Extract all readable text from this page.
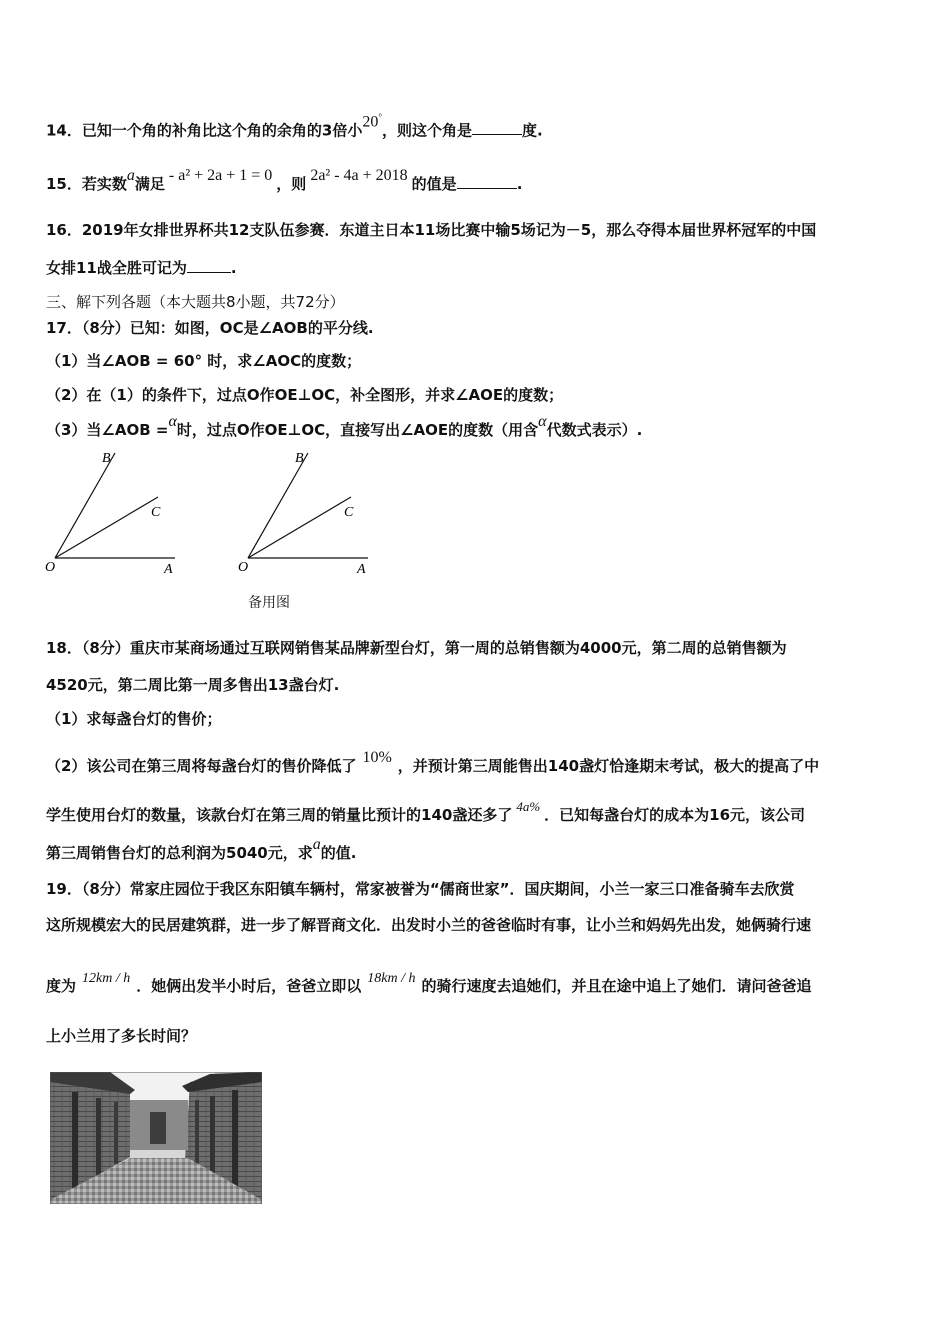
14．已知一个角的补角比这个角的余角的3倍小20°，则这个角是	度.
15．若实数a满足 - a² + 2a + 1 = 0 ，则 2a² - 4a + 2018 的值是	.
16．2019年女排世界杯共12支队伍参赛．东道主日本11场比赛中输5场记为－5，那么夺得本届世界杯冠军的中国
女排11战全胜可记为	.
三、解下列各题（本大题共8小题，共72分）
17．（8分）已知：如图，OC是∠AOB的平分线.
（1）当∠AOB = 60° 时，求∠AOC的度数；
（2）在（1）的条件下，过点O作OE⊥OC，补全图形，并求∠AOE的度数；
（3）当∠AOB =α时，过点O作OE⊥OC，直接写出∠AOE的度数（用含α代数式表示）.
B
C
O	A
B
C
O	A
备用图
18．（8分）重庆市某商场通过互联网销售某品牌新型台灯，第一周的总销售额为4000元，第二周的总销售额为
4520元，第二周比第一周多售出13盏台灯.
（1）求每盏台灯的售价；
（2）该公司在第三周将每盏台灯的售价降低了 10% ，并预计第三周能售出140盏灯恰逢期末考试，极大的提高了中
学生使用台灯的数量，该款台灯在第三周的销量比预计的140盏还多了 4a% ．已知每盏台灯的成本为16元，该公司
第三周销售台灯的总利润为5040元，求a的值.
19．（8分）常家庄园位于我区东阳镇车辆村，常家被誉为“儒商世家”．国庆期间，小兰一家三口准备骑车去欣赏
这所规模宏大的民居建筑群，进一步了解晋商文化．出发时小兰的爸爸临时有事，让小兰和妈妈先出发，她俩骑行速
度为 12km / h ．她俩出发半小时后，爸爸立即以 18km / h 的骑行速度去追她们，并且在途中追上了她们．请问爸爸追
上小兰用了多长时间？
